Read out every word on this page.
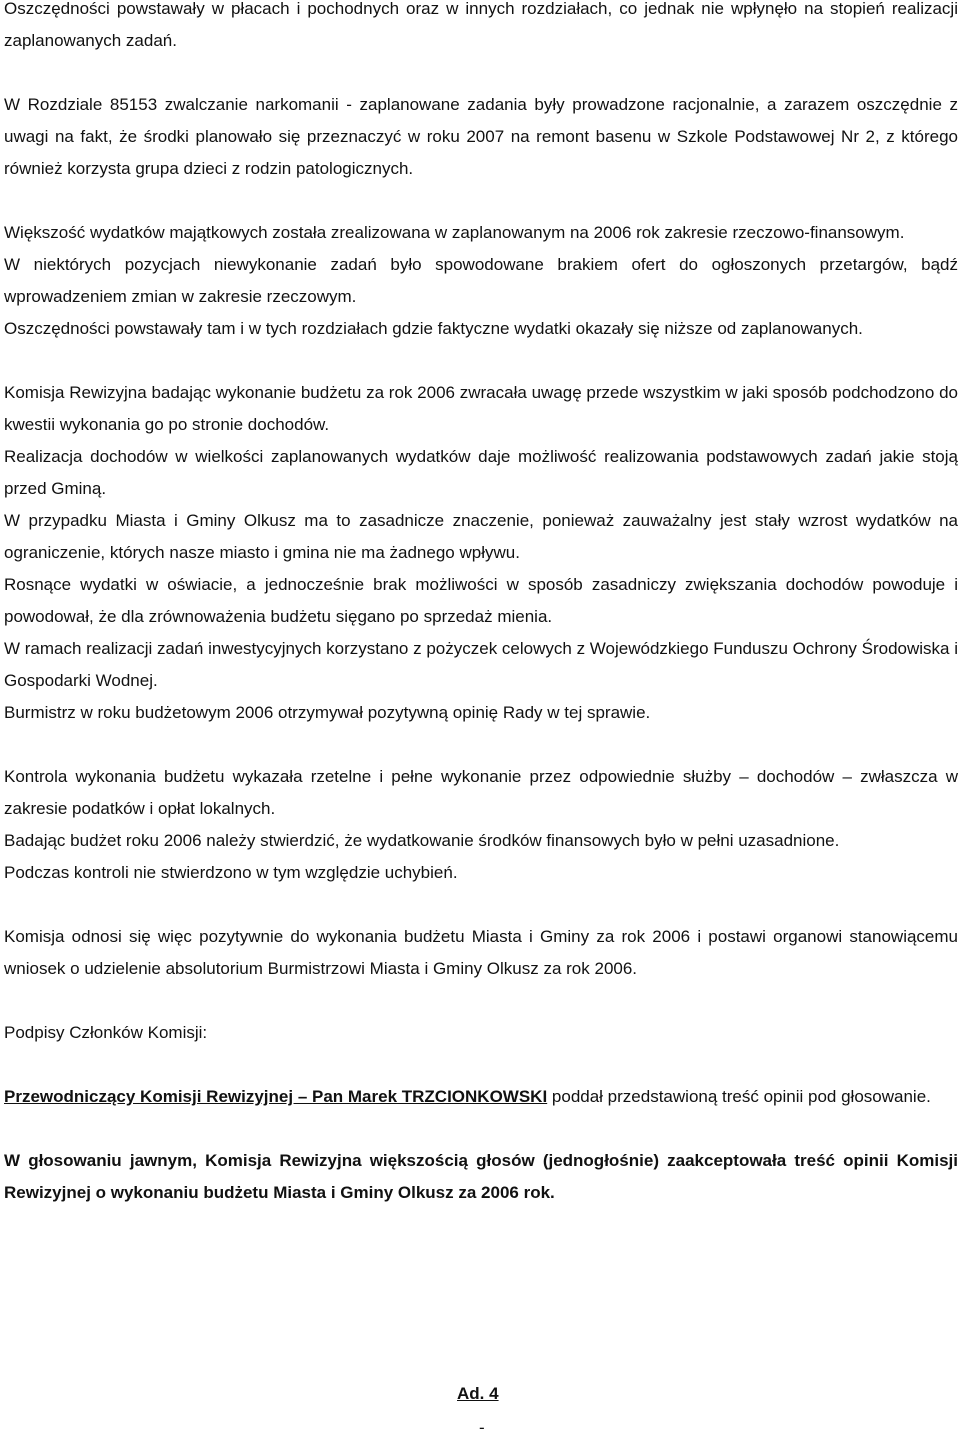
Oszczędności powstawały w płacach i pochodnych oraz w innych rozdziałach, co jednak nie wpłynęło na stopień realizacji zaplanowanych zadań.

W Rozdziale 85153 zwalczanie narkomanii - zaplanowane zadania były prowadzone racjonalnie, a zarazem oszczędnie z uwagi na fakt, że środki planowało się przeznaczyć w roku 2007 na remont basenu w Szkole Podstawowej Nr 2, z którego również korzysta grupa dzieci z rodzin patologicznych.

Większość wydatków majątkowych została zrealizowana w zaplanowanym na 2006 rok zakresie rzeczowo-finansowym.

W niektórych pozycjach niewykonanie zadań było spowodowane brakiem ofert do ogłoszonych przetargów, bądź wprowadzeniem zmian w zakresie rzeczowym.

Oszczędności powstawały tam i w tych rozdziałach gdzie faktyczne wydatki okazały się niższe od zaplanowanych.

Komisja Rewizyjna badając wykonanie budżetu za rok 2006 zwracała uwagę przede wszystkim w jaki sposób podchodzono do kwestii wykonania go po stronie dochodów.

Realizacja dochodów w wielkości zaplanowanych wydatków daje możliwość realizowania podstawowych zadań jakie stoją przed Gminą.

W przypadku Miasta i Gminy Olkusz ma to zasadnicze znaczenie, ponieważ zauważalny jest stały wzrost wydatków na ograniczenie, których nasze miasto i gmina nie ma żadnego wpływu.

Rosnące wydatki w oświacie, a jednocześnie brak możliwości w sposób zasadniczy zwiększania dochodów powoduje i powodował, że dla zrównoważenia budżetu sięgano po sprzedaż mienia.

W ramach realizacji zadań inwestycyjnych korzystano z pożyczek celowych z Wojewódzkiego Funduszu Ochrony Środowiska i Gospodarki Wodnej.

Burmistrz w roku budżetowym 2006 otrzymywał pozytywną opinię Rady w tej sprawie.

Kontrola wykonania budżetu wykazała rzetelne i pełne wykonanie przez odpowiednie służby – dochodów – zwłaszcza w zakresie podatków i opłat lokalnych.

Badając budżet roku 2006 należy stwierdzić, że wydatkowanie środków finansowych było w pełni uzasadnione.

Podczas kontroli nie stwierdzono w tym względzie uchybień.

Komisja odnosi się więc pozytywnie do wykonania budżetu Miasta i Gminy za rok 2006 i postawi organowi stanowiącemu wniosek o udzielenie absolutorium Burmistrzowi Miasta i Gminy Olkusz za rok 2006.

Podpisy Członków Komisji:

Przewodniczący Komisji Rewizyjnej – Pan Marek TRZCIONKOWSKI poddał przedstawioną treść opinii pod głosowanie.

W głosowaniu jawnym, Komisja Rewizyjna większością głosów (jednogłośnie) zaakceptowała treść opinii Komisji Rewizyjnej o wykonaniu budżetu Miasta i Gminy Olkusz za 2006 rok.

Ad. 4
-
